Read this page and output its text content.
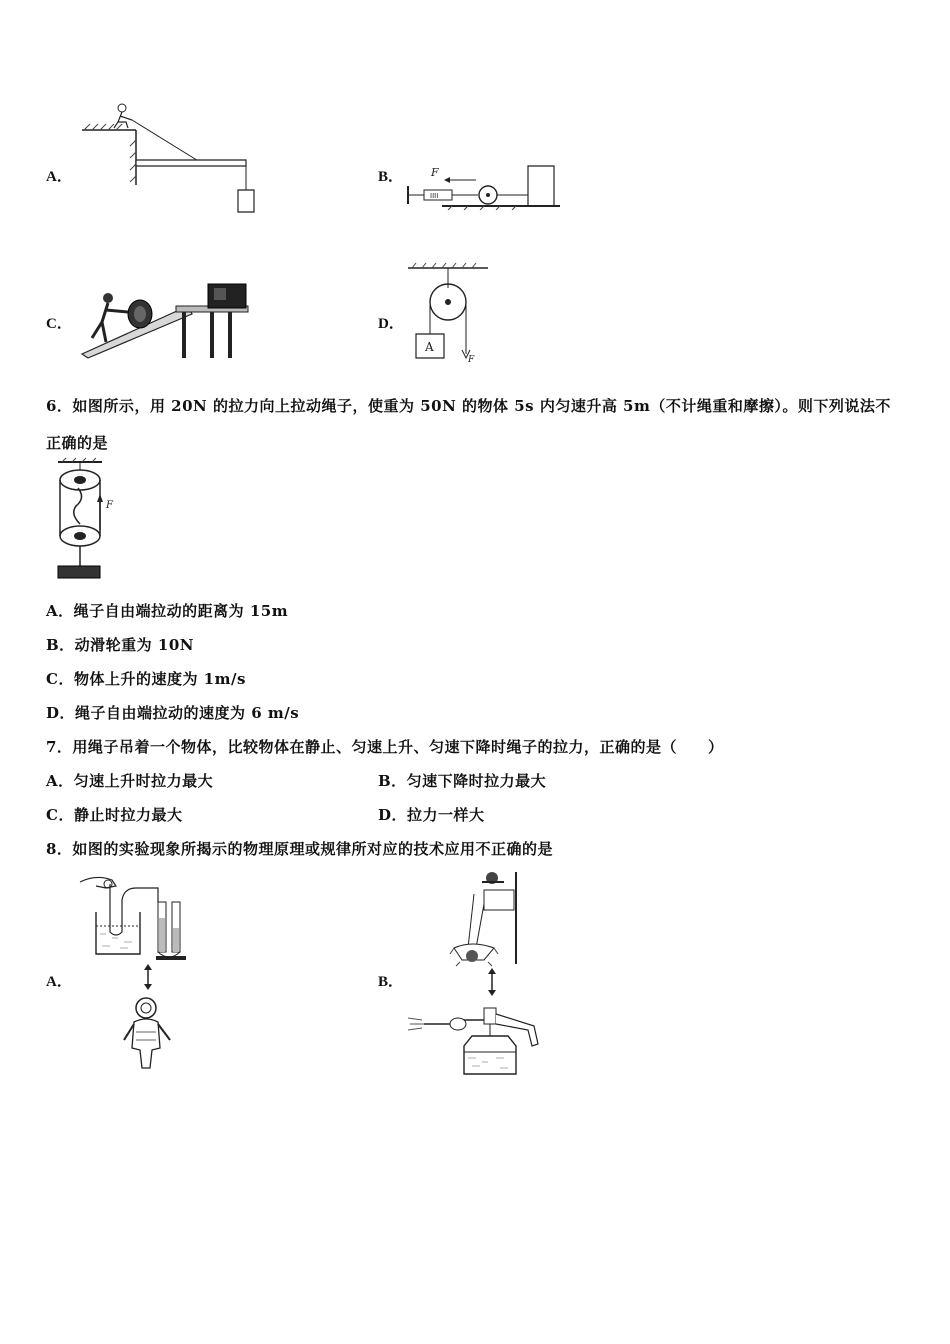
A．	B．
IIII
F
C．	D．
F
A
6．如图所示，用 20N 的拉力向上拉动绳子，使重为 50N 的物体 5s 内匀速升高 5m（不计绳重和摩擦）。则下列说法不
正确的是
F
A．绳子自由端拉动的距离为 15m
B．动滑轮重为 10N
C．物体上升的速度为 1m/s
D．绳子自由端拉动的速度为 6 m/s
7．用绳子吊着一个物体，比较物体在静止、匀速上升、匀速下降时绳子的拉力，正确的是（　　）
A．匀速上升时拉力最大	B．匀速下降时拉力最大
C．静止时拉力最大	D．拉力一样大
8．如图的实验现象所揭示的物理原理或规律所对应的技术应用不正确的是
A．	B．
